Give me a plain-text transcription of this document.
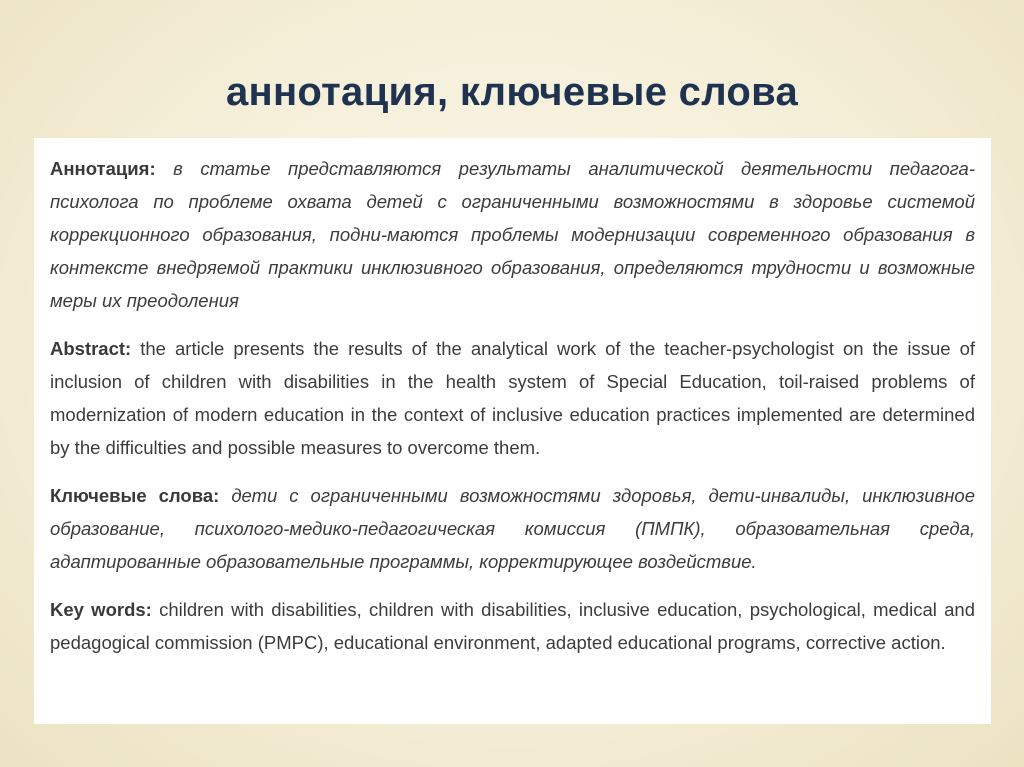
аннотация, ключевые слова

Аннотация: в статье представляются результаты аналитической деятельности педагога-психолога по проблеме охвата детей с ограниченными возможностями в здоровье системой коррекционного образования, подни-маются проблемы модернизации современного образования в контексте внедряемой практики инклюзивного образования, определяются трудности и возможные меры их преодоления

Abstract: the article presents the results of the analytical work of the teacher-psychologist on the issue of inclusion of children with disabilities in the health system of Special Education, toil-raised problems of modernization of modern education in the context of inclusive education practices implemented are determined by the difficulties and possible measures to overcome them.

Ключевые слова: дети с ограниченными возможностями здоровья, дети-инвалиды, инклюзивное образование, психолого-медико-педагогическая комиссия (ПМПК), образовательная среда, адаптированные образовательные программы, корректирующее воздействие.

Key words: children with disabilities, children with disabilities, inclusive education, psychological, medical and pedagogical commission (PMPC), educational environment, adapted educational programs, corrective action.
